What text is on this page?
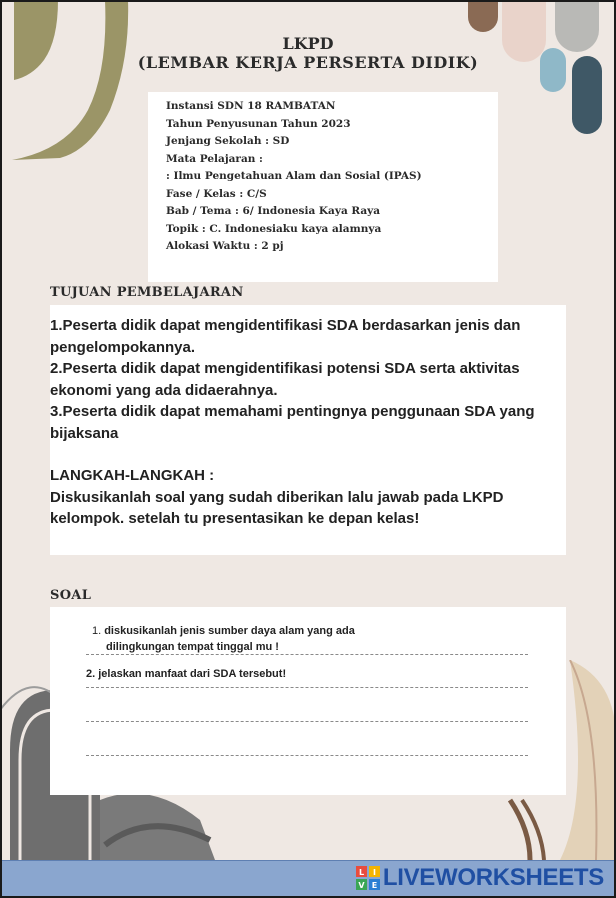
LKPD
(LEMBAR KERJA PERSERTA DIDIK)
Instansi SDN 18 RAMBATAN
Tahun Penyusunan Tahun 2023
Jenjang Sekolah : SD
Mata Pelajaran :
: Ilmu Pengetahuan Alam dan Sosial (IPAS)
Fase / Kelas : C/S
Bab / Tema : 6/ Indonesia Kaya Raya
Topik : C. Indonesiaku kaya alamnya
Alokasi Waktu : 2 pj
TUJUAN PEMBELAJARAN

1.Peserta didik dapat mengidentifikasi SDA berdasarkan jenis dan pengelompokannya.

2.Peserta didik dapat mengidentifikasi potensi SDA serta aktivitas ekonomi yang ada didaerahnya.

3.Peserta didik dapat memahami pentingnya penggunaan SDA yang bijaksana

LANGKAH-LANGKAH :

Diskusikanlah soal yang sudah diberikan lalu jawab pada LKPD kelompok. setelah tu presentasikan ke depan kelas!

SOAL
1. diskusikanlah jenis sumber daya alam yang ada
dilingkungan tempat tinggal mu !
2. jelaskan manfaat dari SDA tersebut!
L I
V E LIVEWORKSHEETS
